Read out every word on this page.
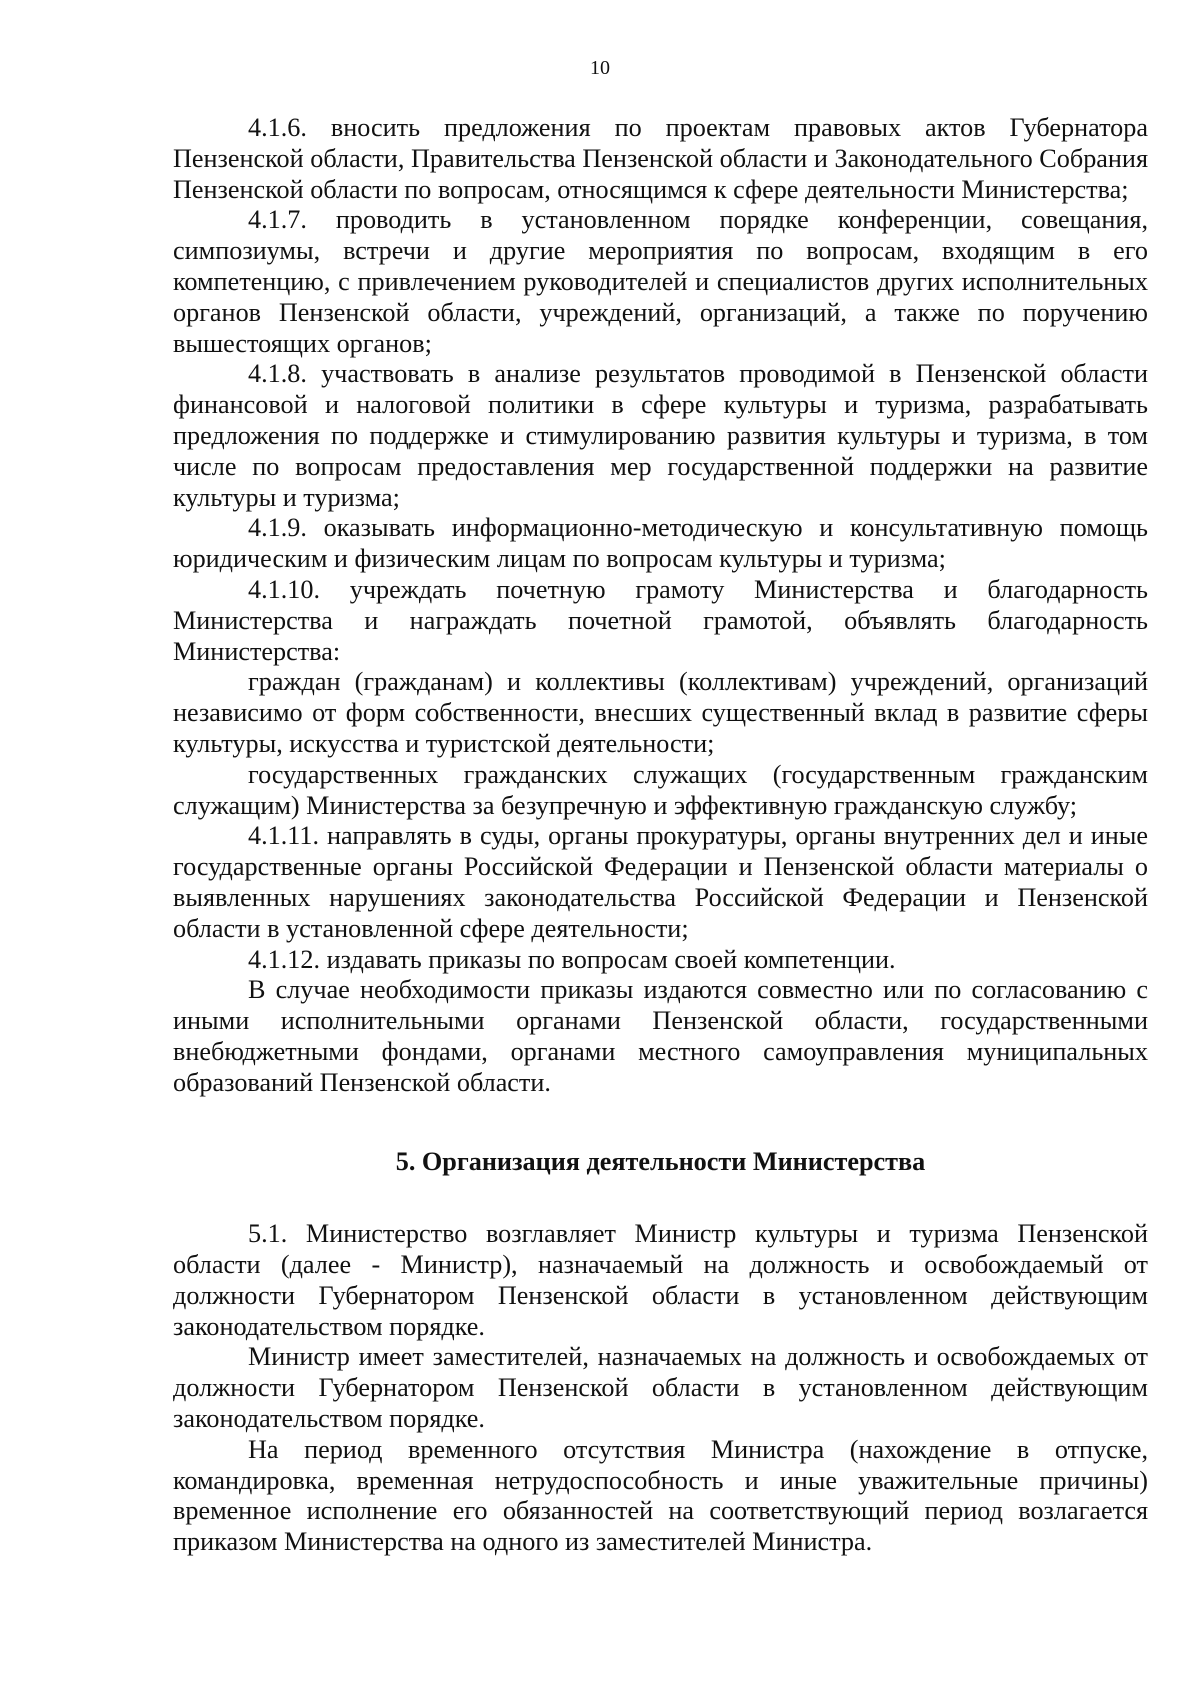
10

4.1.6. вносить предложения по проектам правовых актов Губернатора Пензенской области, Правительства Пензенской области и Законодательного Собрания Пензенской области по вопросам, относящимся к сфере деятельности Министерства;

4.1.7. проводить в установленном порядке конференции, совещания, симпозиумы, встречи и другие мероприятия по вопросам, входящим в его компетенцию, с привлечением руководителей и специалистов других исполнительных органов Пензенской области, учреждений, организаций, а также по поручению вышестоящих органов;

4.1.8. участвовать в анализе результатов проводимой в Пензенской области финансовой и налоговой политики в сфере культуры и туризма, разрабатывать предложения по поддержке и стимулированию развития культуры и туризма, в том числе по вопросам предоставления мер государственной поддержки на развитие культуры и туризма;

4.1.9. оказывать информационно-методическую и консультативную помощь юридическим и физическим лицам по вопросам культуры и туризма;

4.1.10. учреждать почетную грамоту Министерства и благодарность Министерства и награждать почетной грамотой, объявлять благодарность Министерства:

граждан (гражданам) и коллективы (коллективам) учреждений, организаций независимо от форм собственности, внесших существенный вклад в развитие сферы культуры, искусства и туристской деятельности;

государственных гражданских служащих (государственным гражданским служащим) Министерства за безупречную и эффективную гражданскую службу;

4.1.11. направлять в суды, органы прокуратуры, органы внутренних дел и иные государственные органы Российской Федерации и Пензенской области материалы о выявленных нарушениях законодательства Российской Федерации и Пензенской области в установленной сфере деятельности;

4.1.12. издавать приказы по вопросам своей компетенции.

В случае необходимости приказы издаются совместно или по согласованию с иными исполнительными органами Пензенской области, государственными внебюджетными фондами, органами местного самоуправления муниципальных образований Пензенской области.

5. Организация деятельности Министерства

5.1. Министерство возглавляет Министр культуры и туризма Пензенской области (далее - Министр), назначаемый на должность и освобождаемый от должности Губернатором Пензенской области в установленном действующим законодательством порядке.

Министр имеет заместителей, назначаемых на должность и освобождаемых от должности Губернатором Пензенской области в установленном действующим законодательством порядке.

На период временного отсутствия Министра (нахождение в отпуске, командировка, временная нетрудоспособность и иные уважительные причины) временное исполнение его обязанностей на соответствующий период возлагается приказом Министерства на одного из заместителей Министра.
